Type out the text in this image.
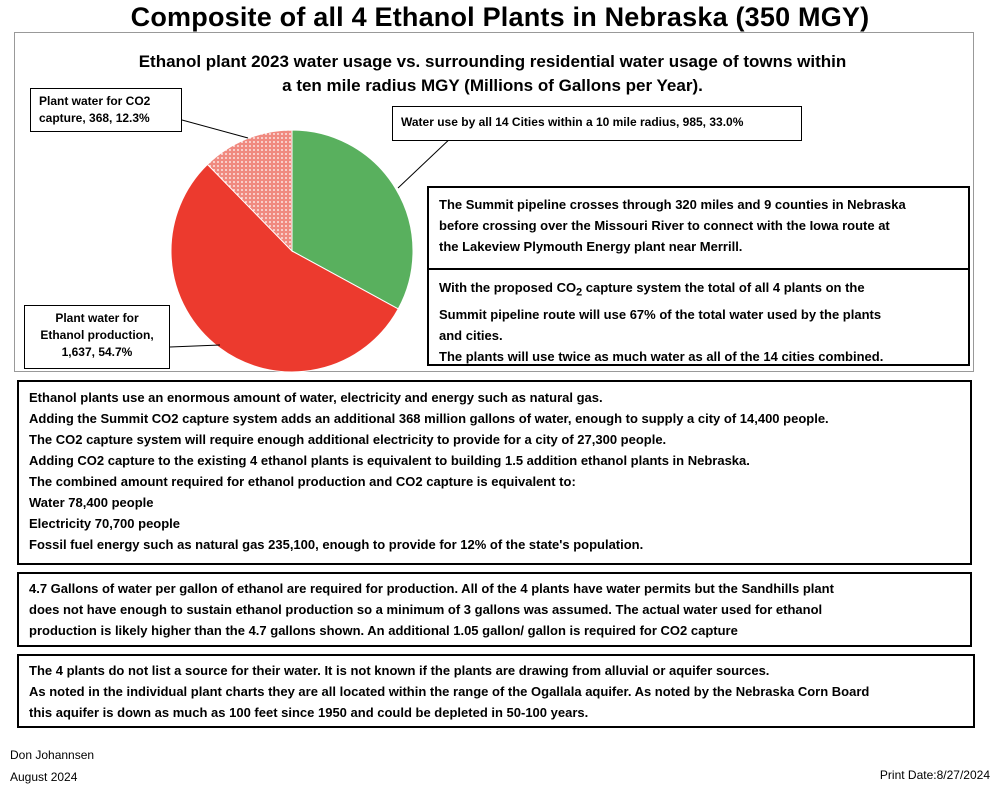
Composite of all 4 Ethanol Plants in Nebraska (350 MGY)
Ethanol plant 2023 water usage vs. surrounding residential water usage of towns within
a ten mile radius MGY (Millions of Gallons per Year).
Plant water for CO2
capture, 368, 12.3%	Water use by all 14 Cities within a 10 mile radius, 985, 33.0%
Plant water for
Ethanol production,
1,637, 54.7%
The Summit pipeline crosses through 320 miles and 9 counties in Nebraska
before crossing over the Missouri River to connect with the Iowa route at
the Lakeview Plymouth Energy plant near Merrill.
With the proposed $CO_2$ capture system the total of all 4 plants on the
Summit pipeline route will use 67% of the total water used by the plants
and cities.
The plants will use twice as much water as all of the 14 cities combined.
Ethanol plants use an enormous amount of water, electricity and energy such as natural gas.
Adding the Summit CO2 capture system adds an additional 368 million gallons of water, enough to supply a city of 14,400 people.
The CO2 capture system will require enough additional electricity to provide for a city of 27,300 people.
Adding CO2 capture to the existing 4 ethanol plants is equivalent to building 1.5 addition ethanol plants in Nebraska.
The combined amount required for ethanol production and CO2 capture is equivalent to:
Water 78,400 people
Electricity 70,700 people
Fossil fuel energy such as natural gas 235,100, enough to provide for 12% of the state's population.
4.7 Gallons of water per gallon of ethanol are required for production. All of the 4 plants have water permits but the Sandhills plant
does not have enough to sustain ethanol production so a minimum of 3 gallons was assumed. The actual water used for ethanol
production is likely higher than the 4.7 gallons shown. An additional 1.05 gallon/ gallon is required for CO2 capture
The 4 plants do not list a source for their water. It is not known if the plants are drawing from alluvial or aquifer sources.
As noted in the individual plant charts they are all located within the range of the Ogallala aquifer. As noted by the Nebraska Corn Board
this aquifer is down as much as 100 feet since 1950 and could be depleted in 50-100 years.
Don Johannsen
August 2024	Print Date:8/27/2024
